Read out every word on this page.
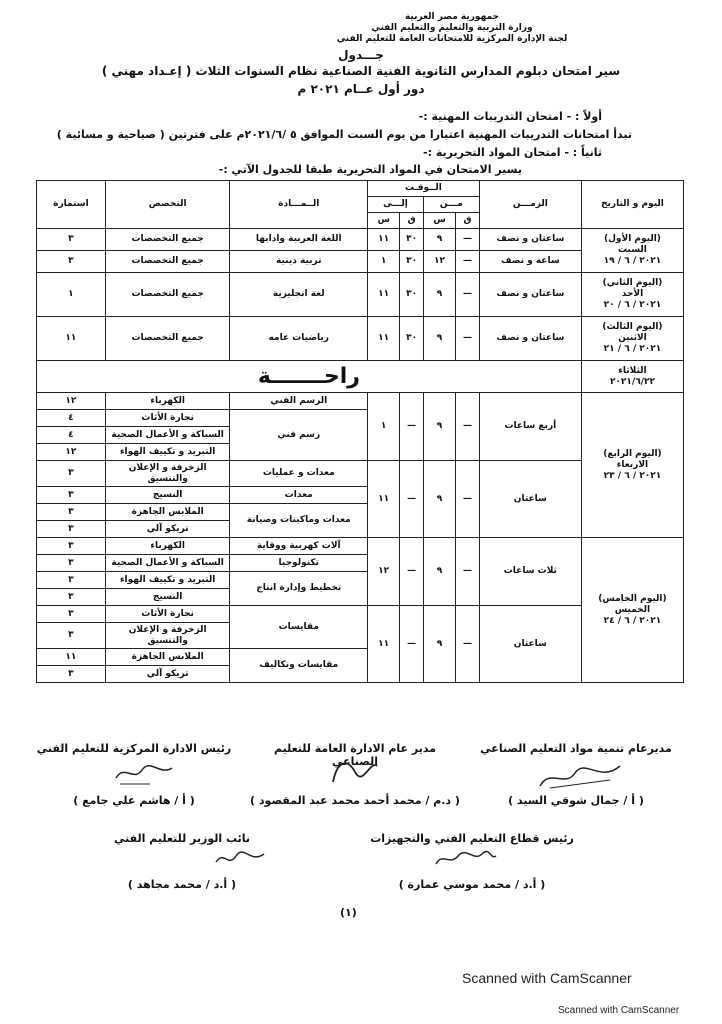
جمهورية مصر العربية
وزارة التربية والتعليم والتعليم الفني
لجنة الإدارة المركزية للامتحانات العامة للتعليم الفني
جـــدول
سير امتحان دبلوم المدارس الثانوية الفنية الصناعية نظام السنوات الثلاث ( إعـداد مهني )
دور أول عــام ٢٠٢١ م
أولاً : - امتحان التدريبات المهنية :-
تبدأ امتحانات التدريبات المهنية اعتبارا من يوم السبت الموافق ٥ /٢٠٢١/٦م على فترتين ( صباحية و مسائية )
ثانياً : - امتحان المواد التحريرية :-
يسير الامتحان في المواد التحريرية طبقا للجدول الآتي :-
اليوم و التاريخ	الزمـــن	الــوقـت				الــمـــادة	التخصص	استمارة
		مـــن		إلـــى				
		ق	س	ق	س			

(اليوم الأول)
السبت
٢٠٢١ / ٦ / ١٩	ساعتان و نصف	—	٩	٣٠	١١	اللغة العربية وادابها	جميع التخصصات	٣
	ساعة و نصف	—	١٢	٣٠	١	تربية دينية	جميع التخصصات	٣

(اليوم الثاني)
الأحد
٢٠٢١ / ٦ / ٢٠	ساعتان و نصف	—	٩	٣٠	١١	لغة انجليزية	جميع التخصصات	١

(اليوم الثالث)
الاثنين
٢٠٢١ / ٦ / ٢١	ساعتان و نصف	—	٩	٣٠	١١	رياضيات عامه	جميع التخصصات	١١

الثلاثاء
٢٠٢١/٦/٢٢	راحـــــــة							

(اليوم الرابع)
الاربعاء
٢٠٢١ / ٦ / ٢٣	أربع ساعات	—	٩	—	١	الرسم الفني	الكهرباء	١٢
						رسم فني	نجارة الأثاث	٤
							السباكة و الأعمال الصحية	٤
							التبريد و تكييف الهواء	١٢
	ساعتان	—	٩	—	١١	معدات و عمليات	الزخرفة و الإعلان والتنسيق	٣
						معدات	النسيج	٣
						معدات وماكينات وصيانة	الملابس الجاهزة	٣
							تريكو آلي	٣

(اليوم الخامس)
الخميس
٢٠٢١ / ٦ / ٢٤	ثلاث ساعات	—	٩	—	١٢	آلات كهربية ووقاية	الكهرباء	٣
						تكنولوجيا	السباكة و الأعمال الصحية	٣
						تخطيط وإدارة انتاج	التبريد و تكييف الهواء	٣
							النسيج	٣
	ساعتان	—	٩	—	١١	مقايسات	نجارة الأثاث	٣
							الزخرفة و الإعلان والتنسيق	٣
						مقايسات وتكاليف	الملابس الجاهزة	١١
							تريكو آلي	٣
مديرعام تنمية مواد التعليم الصناعي
مدير عام الادارة العامة للتعليم الصناعي
رئيس الادارة المركزية للتعليم الفني
( أ / جمال شوقي السيد )
( د.م / محمد أحمد محمد عبد المقصود )
( أ / هاشم علي جامع )
رئيس قطاع التعليم الفني والتجهيزات
نائب الوزير للتعليم الفني
( أ.د / محمد موسي عمارة )
( أ.د / محمد مجاهد )
(١)
Scanned with CamScanner
Scanned with CamScanner
